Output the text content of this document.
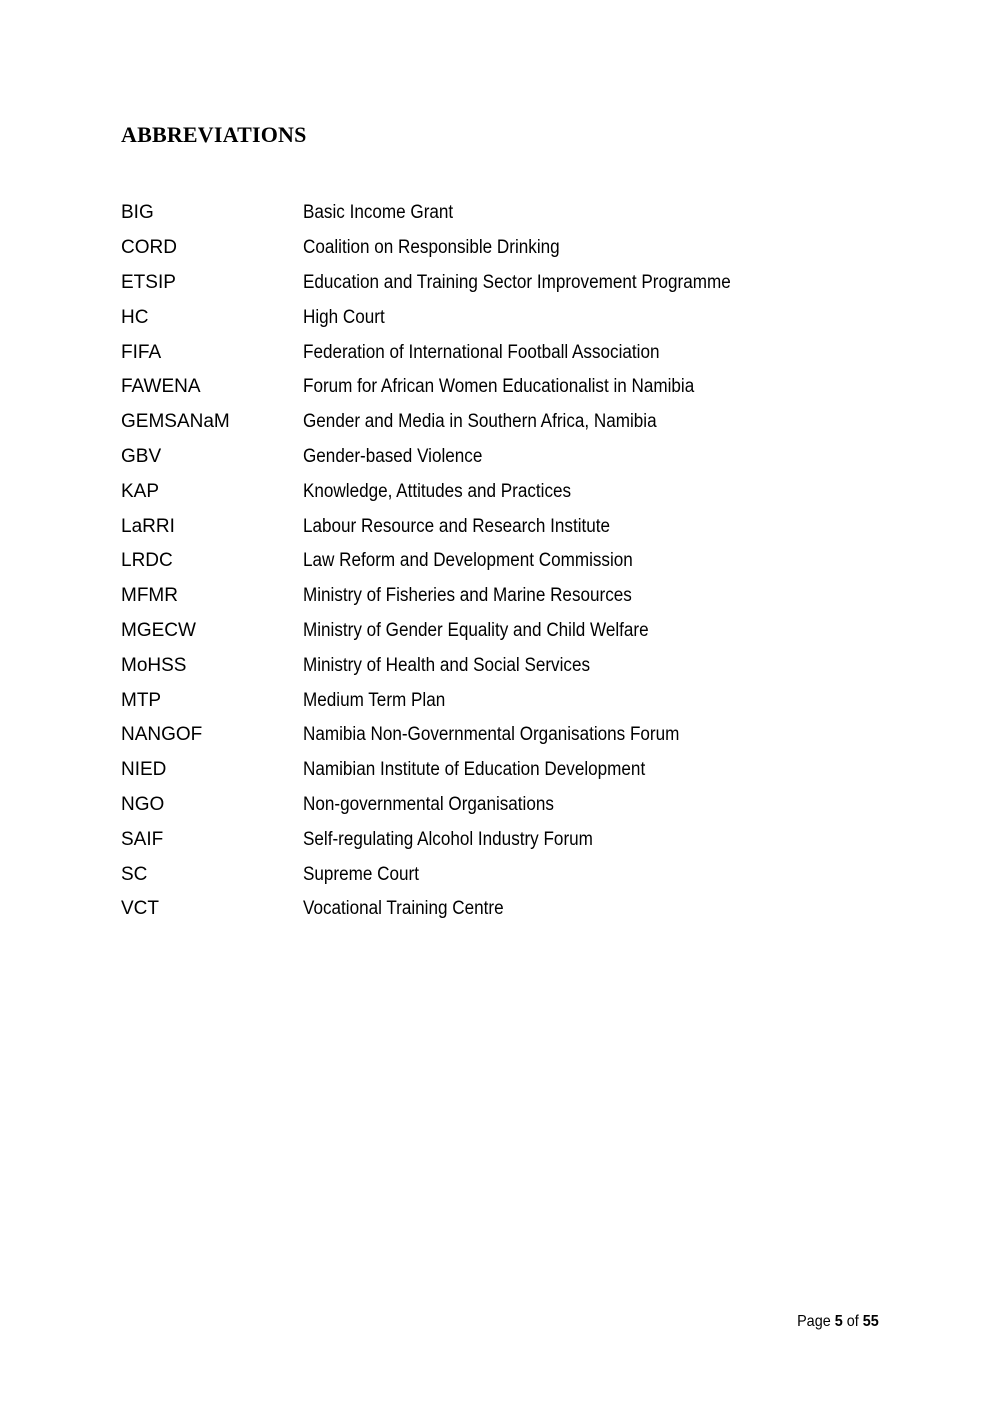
ABBREVIATIONS
BIG	Basic Income Grant
CORD	Coalition on Responsible Drinking
ETSIP	Education and Training Sector Improvement Programme
HC	High Court
FIFA	Federation of International Football Association
FAWENA	Forum for African Women Educationalist in Namibia
GEMSANaM	Gender and Media in Southern Africa, Namibia
GBV	Gender-based Violence
KAP	Knowledge, Attitudes and Practices
LaRRI	Labour Resource and Research Institute
LRDC	Law Reform and Development Commission
MFMR	Ministry of Fisheries and Marine Resources
MGECW	Ministry of Gender Equality and Child Welfare
MoHSS	Ministry of Health and Social Services
MTP	Medium Term Plan
NANGOF	Namibia Non-Governmental Organisations Forum
NIED	Namibian Institute of Education Development
NGO	Non-governmental Organisations
SAIF	Self-regulating Alcohol Industry Forum
SC	Supreme Court
VCT	Vocational Training Centre
Page 5 of 55
